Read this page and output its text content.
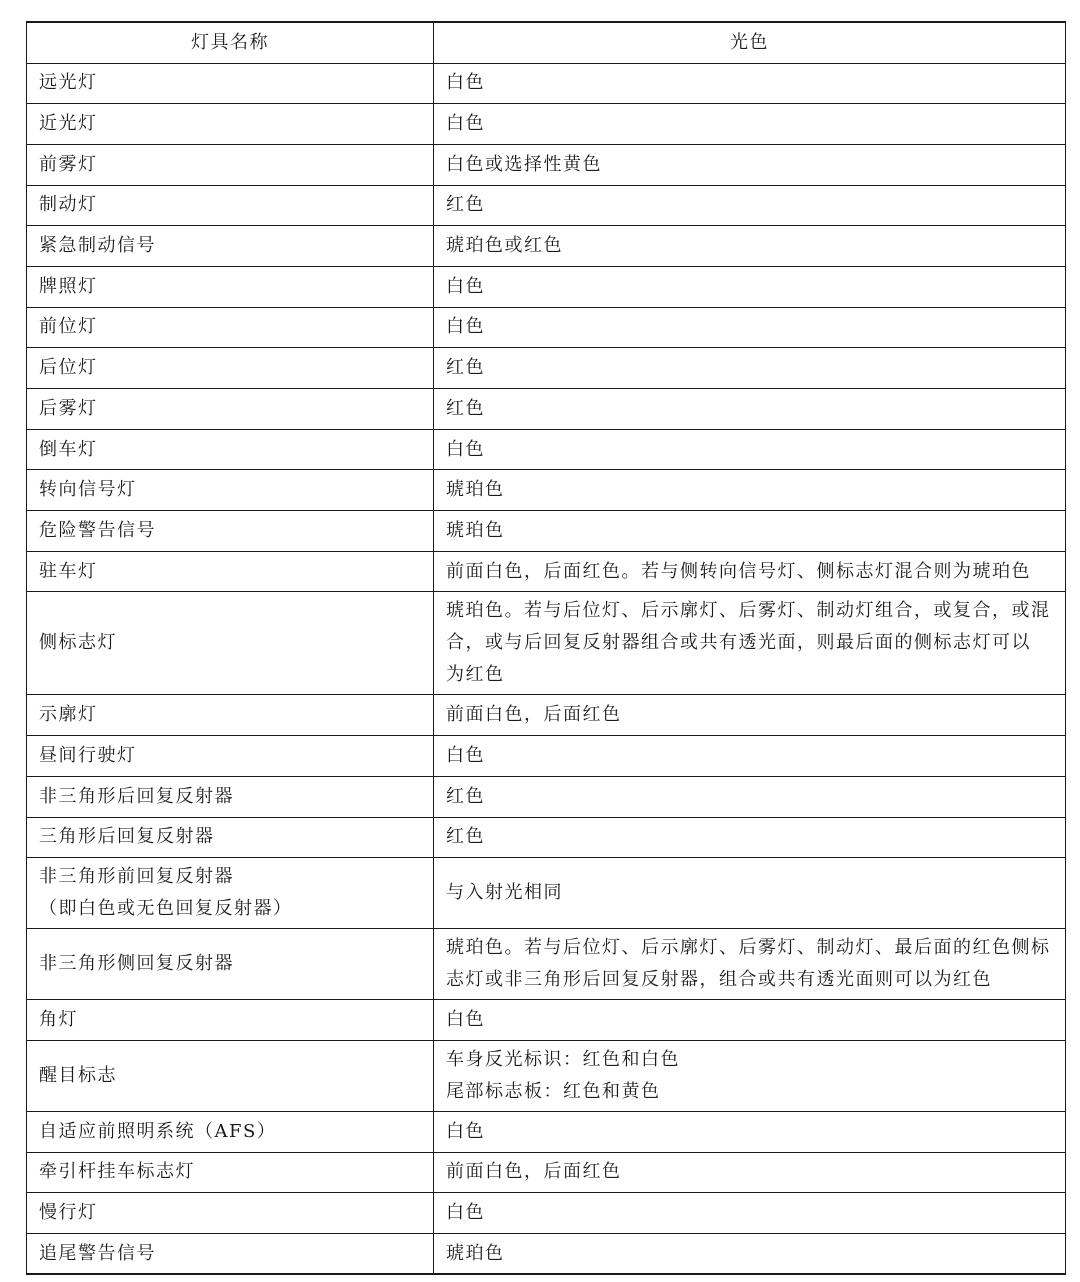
灯具名称	光色
远光灯	白色
近光灯	白色
前雾灯	白色或选择性黄色
制动灯	红色
紧急制动信号	琥珀色或红色
牌照灯	白色
前位灯	白色
后位灯	红色
后雾灯	红色
倒车灯	白色
转向信号灯	琥珀色
危险警告信号	琥珀色
驻车灯	前面白色，后面红色。若与侧转向信号灯、侧标志灯混合则为琥珀色
侧标志灯	琥珀色。若与后位灯、后示廓灯、后雾灯、制动灯组合，或复合，或混
合，或与后回复反射器组合或共有透光面，则最后面的侧标志灯可以
为红色
示廓灯	前面白色，后面红色
昼间行驶灯	白色
非三角形后回复反射器	红色
三角形后回复反射器	红色
非三角形前回复反射器
（即白色或无色回复反射器）	与入射光相同
非三角形侧回复反射器	琥珀色。若与后位灯、后示廓灯、后雾灯、制动灯、最后面的红色侧标
志灯或非三角形后回复反射器，组合或共有透光面则可以为红色
角灯	白色
醒目标志	车身反光标识：红色和白色
尾部标志板：红色和黄色
自适应前照明系统（AFS）	白色
牵引杆挂车标志灯	前面白色，后面红色
慢行灯	白色
追尾警告信号	琥珀色
